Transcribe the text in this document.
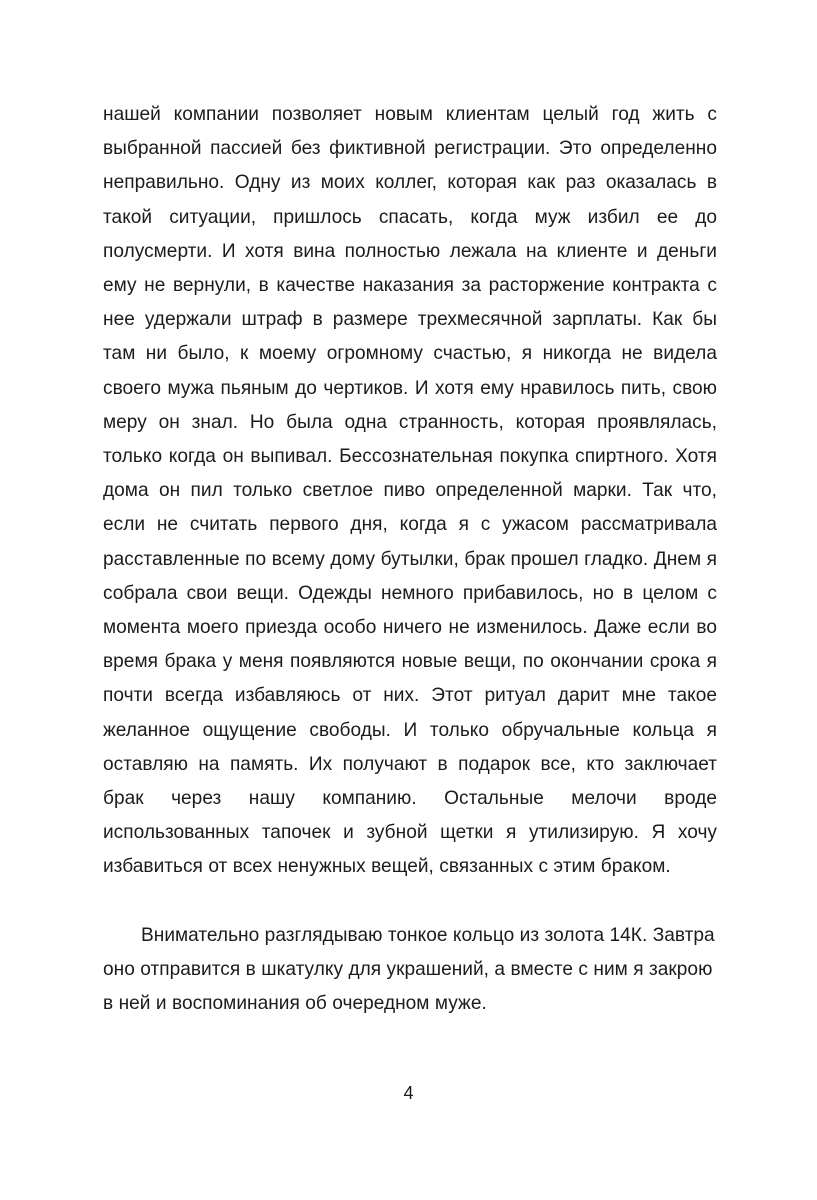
нашей компании позволяет новым клиентам целый год жить с выбранной пассией без фиктивной регистрации. Это определенно неправильно. Одну из моих коллег, которая как раз оказалась в такой ситуации, пришлось спасать, когда муж избил ее до полусмерти. И хотя вина полностью лежала на клиенте и деньги ему не вернули, в качестве наказания за расторжение контракта с нее удержали штраф в размере трехмесячной зарплаты. Как бы там ни было, к моему огромному счастью, я никогда не видела своего мужа пьяным до чертиков. И хотя ему нравилось пить, свою меру он знал. Но была одна странность, которая проявлялась, только когда он выпивал. Бессознательная покупка спиртного. Хотя дома он пил только светлое пиво определенной марки. Так что, если не считать первого дня, когда я с ужасом рассматривала расставленные по всему дому бутылки, брак прошел гладко. Днем я собрала свои вещи. Одежды немного прибавилось, но в целом с момента моего приезда особо ничего не изменилось. Даже если во время брака у меня появляются новые вещи, по окончании срока я почти всегда избавляюсь от них. Этот ритуал дарит мне такое желанное ощущение свободы. И только обручальные кольца я оставляю на память. Их получают в подарок все, кто заключает брак через нашу компанию. Остальные мелочи вроде использованных тапочек и зубной щетки я утилизирую. Я хочу избавиться от всех ненужных вещей, связанных с этим браком.

Внимательно разглядываю тонкое кольцо из золота 14К. Завтра оно отправится в шкатулку для украшений, а вместе с ним я закрою в ней и воспоминания об очередном муже.

4
